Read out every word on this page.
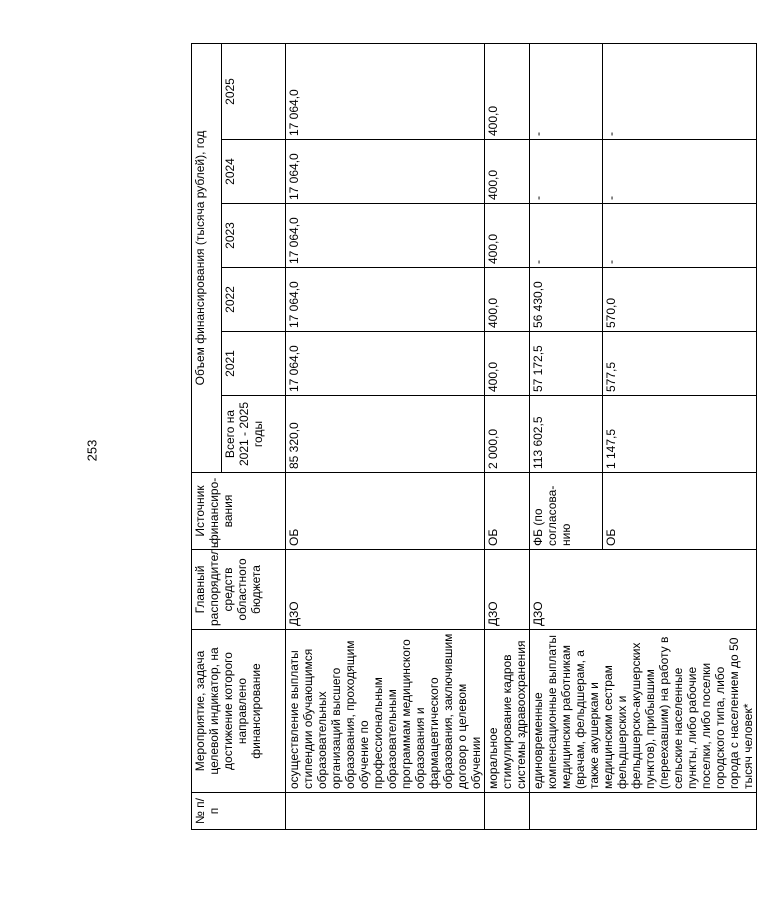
253
№ п/п	Мероприятие, задача целевой индикатор, на достижение которого направлено финансирование	Главный распорядитель средств областного бюджета	Источник финансиро-вания	Объем финансирования (тысяча рублей), год					
				Всего на 2021 - 2025 годы	2021	2022	2023	2024	2025
	осуществление выплаты стипендии обучающимся образовательных организаций высшего образования, проходящим обучение по профессиональным образовательным программам медицинского образования и фармацевтического образования, заключившим договор о целевом обучении	ДЗО	ОБ	85 320,0	17 064,0	17 064,0	17 064,0	17 064,0	17 064,0
	моральное стимулирование кадров системы здравоохранения	ДЗО	ОБ	2 000,0	400,0	400,0	400,0	400,0	400,0
	единовременные компенсационные выплаты медицинским работникам (врачам, фельдшерам, а также акушеркам и медицинским сестрам фельдшерских и фельдшерско-акушерских пунктов), прибывшим (переехавшим) на работу в сельские населенные пункты, либо рабочие поселки, либо поселки городского типа, либо города с населением до 50 тысяч человек*	ДЗО	ФБ (по согласова-нию	113 602,5	57 172,5	56 430,0	-	-	-
			ОБ	1 147,5	577,5	570,0	-	-	-
